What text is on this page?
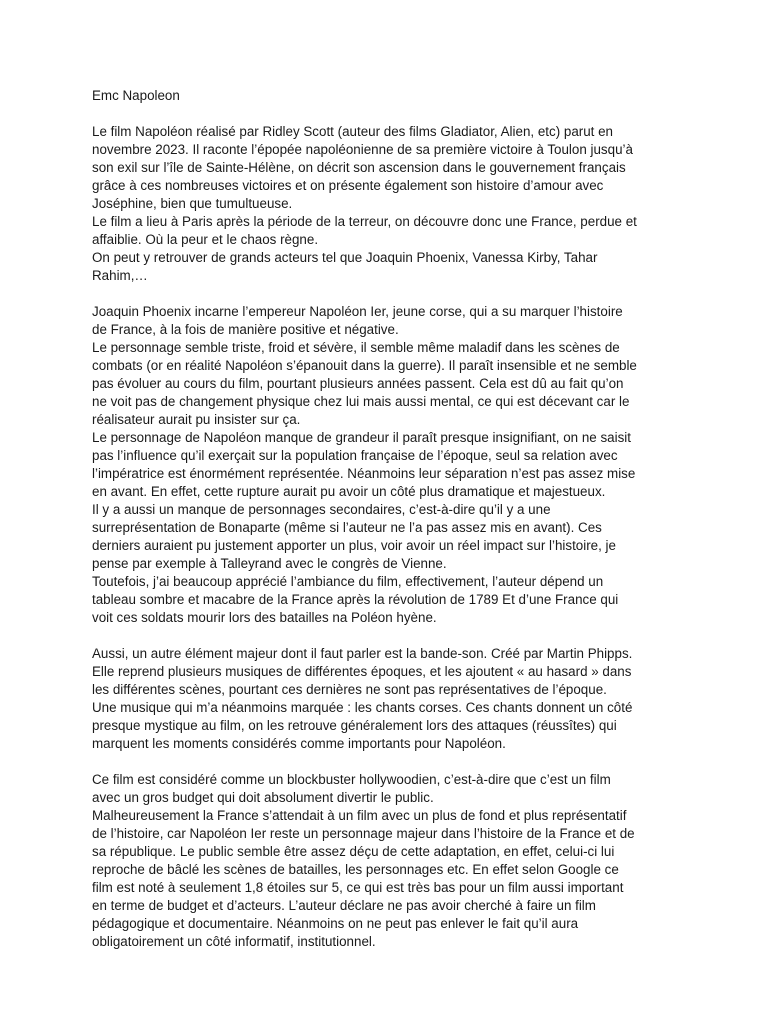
Emc Napoleon
Le film Napoléon réalisé par Ridley Scott (auteur des films Gladiator, Alien, etc) parut en
novembre 2023. Il raconte l’épopée napoléonienne de sa première victoire à Toulon jusqu’à
son exil sur l’île de Sainte-Hélène, on décrit son ascension dans le gouvernement français
grâce à ces nombreuses victoires et on présente également son histoire d’amour avec
Joséphine, bien que tumultueuse.
Le film a lieu à Paris après la période de la terreur, on découvre donc une France, perdue et
affaiblie. Où la peur et le chaos règne.
On peut y retrouver de grands acteurs tel que Joaquin Phoenix, Vanessa Kirby, Tahar
Rahim,…
Joaquin Phoenix incarne l’empereur Napoléon Ier, jeune corse, qui a su marquer l’histoire
de France, à la fois de manière positive et négative.
Le personnage semble triste, froid et sévère, il semble même maladif dans les scènes de
combats (or en réalité Napoléon s’épanouit dans la guerre). Il paraît insensible et ne semble
pas évoluer au cours du film, pourtant plusieurs années passent. Cela est dû au fait qu’on
ne voit pas de changement physique chez lui mais aussi mental, ce qui est décevant car le
réalisateur aurait pu insister sur ça.
Le personnage de Napoléon manque de grandeur il paraît presque insignifiant, on ne saisit
pas l’influence qu’il exerçait sur la population française de l’époque, seul sa relation avec
l’impératrice est énormément représentée. Néanmoins leur séparation n’est pas assez mise
en avant. En effet, cette rupture aurait pu avoir un côté plus dramatique et majestueux.
Il y a aussi un manque de personnages secondaires, c’est-à-dire qu’il y a une
surreprésentation de Bonaparte (même si l’auteur ne l’a pas assez mis en avant). Ces
derniers auraient pu justement apporter un plus, voir avoir un réel impact sur l’histoire, je
pense par exemple à Talleyrand avec le congrès de Vienne.
Toutefois, j’ai beaucoup apprécié l’ambiance du film, effectivement, l’auteur dépend un
tableau sombre et macabre de la France après la révolution de 1789 Et d’une France qui
voit ces soldats mourir lors des batailles na Poléon hyène.
Aussi, un autre élément majeur dont il faut parler est la bande-son. Créé par Martin Phipps.
Elle reprend plusieurs musiques de différentes époques, et les ajoutent « au hasard » dans
les différentes scènes, pourtant ces dernières ne sont pas représentatives de l’époque.
Une musique qui m’a néanmoins marquée : les chants corses. Ces chants donnent un côté
presque mystique au film, on les retrouve généralement lors des attaques (réussîtes) qui
marquent les moments considérés comme importants pour Napoléon.
Ce film est considéré comme un blockbuster hollywoodien, c’est-à-dire que c’est un film
avec un gros budget qui doit absolument divertir le public.
Malheureusement la France s’attendait à un film avec un plus de fond et plus représentatif
de l’histoire, car Napoléon Ier reste un personnage majeur dans l’histoire de la France et de
sa république. Le public semble être assez déçu de cette adaptation, en effet, celui-ci lui
reproche de bâclé les scènes de batailles, les personnages etc. En effet selon Google ce
film est noté à seulement 1,8 étoiles sur 5, ce qui est très bas pour un film aussi important
en terme de budget et d’acteurs. L’auteur déclare ne pas avoir cherché à faire un film
pédagogique et documentaire. Néanmoins on ne peut pas enlever le fait qu’il aura
obligatoirement un côté informatif, institutionnel.
